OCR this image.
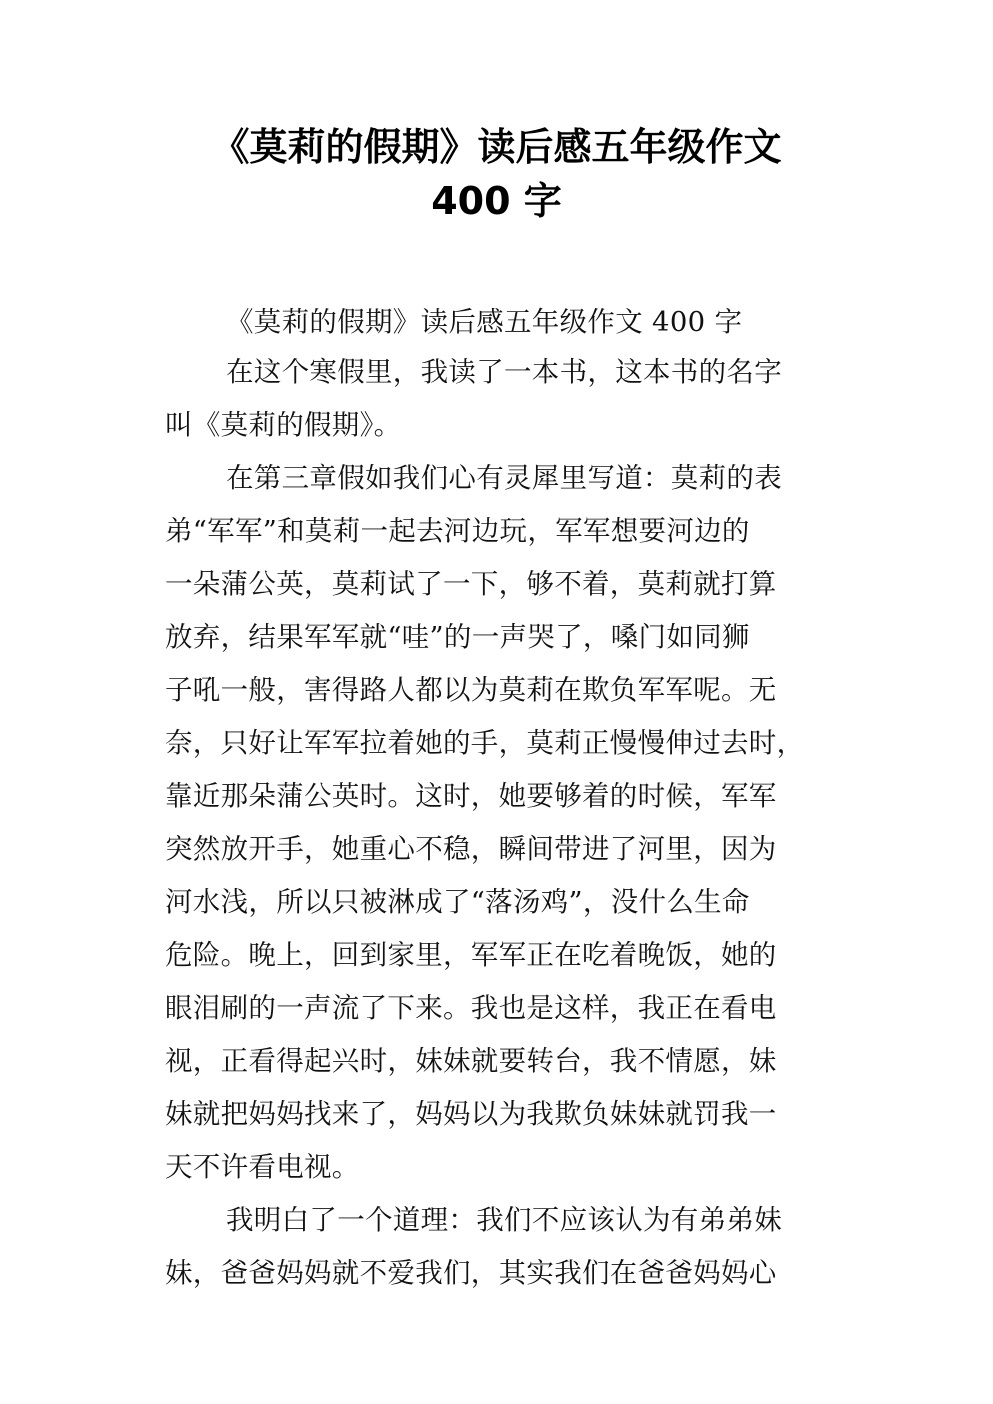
《莫莉的假期》读后感五年级作文
400 字
《莫莉的假期》读后感五年级作文 400 字
在这个寒假里，我读了一本书，这本书的名字
叫《莫莉的假期》。
在第三章假如我们心有灵犀里写道：莫莉的表
弟“军军”和莫莉一起去河边玩，军军想要河边的
一朵蒲公英，莫莉试了一下，够不着，莫莉就打算
放弃，结果军军就“哇”的一声哭了，嗓门如同狮
子吼一般，害得路人都以为莫莉在欺负军军呢。无
奈，只好让军军拉着她的手，莫莉正慢慢伸过去时，
靠近那朵蒲公英时。这时，她要够着的时候，军军
突然放开手，她重心不稳，瞬间带进了河里，因为
河水浅，所以只被淋成了“落汤鸡”，没什么生命
危险。晚上，回到家里，军军正在吃着晚饭，她的
眼泪刷的一声流了下来。我也是这样，我正在看电
视，正看得起兴时，妹妹就要转台，我不情愿，妹
妹就把妈妈找来了，妈妈以为我欺负妹妹就罚我一
天不许看电视。
我明白了一个道理：我们不应该认为有弟弟妹
妹，爸爸妈妈就不爱我们，其实我们在爸爸妈妈心
